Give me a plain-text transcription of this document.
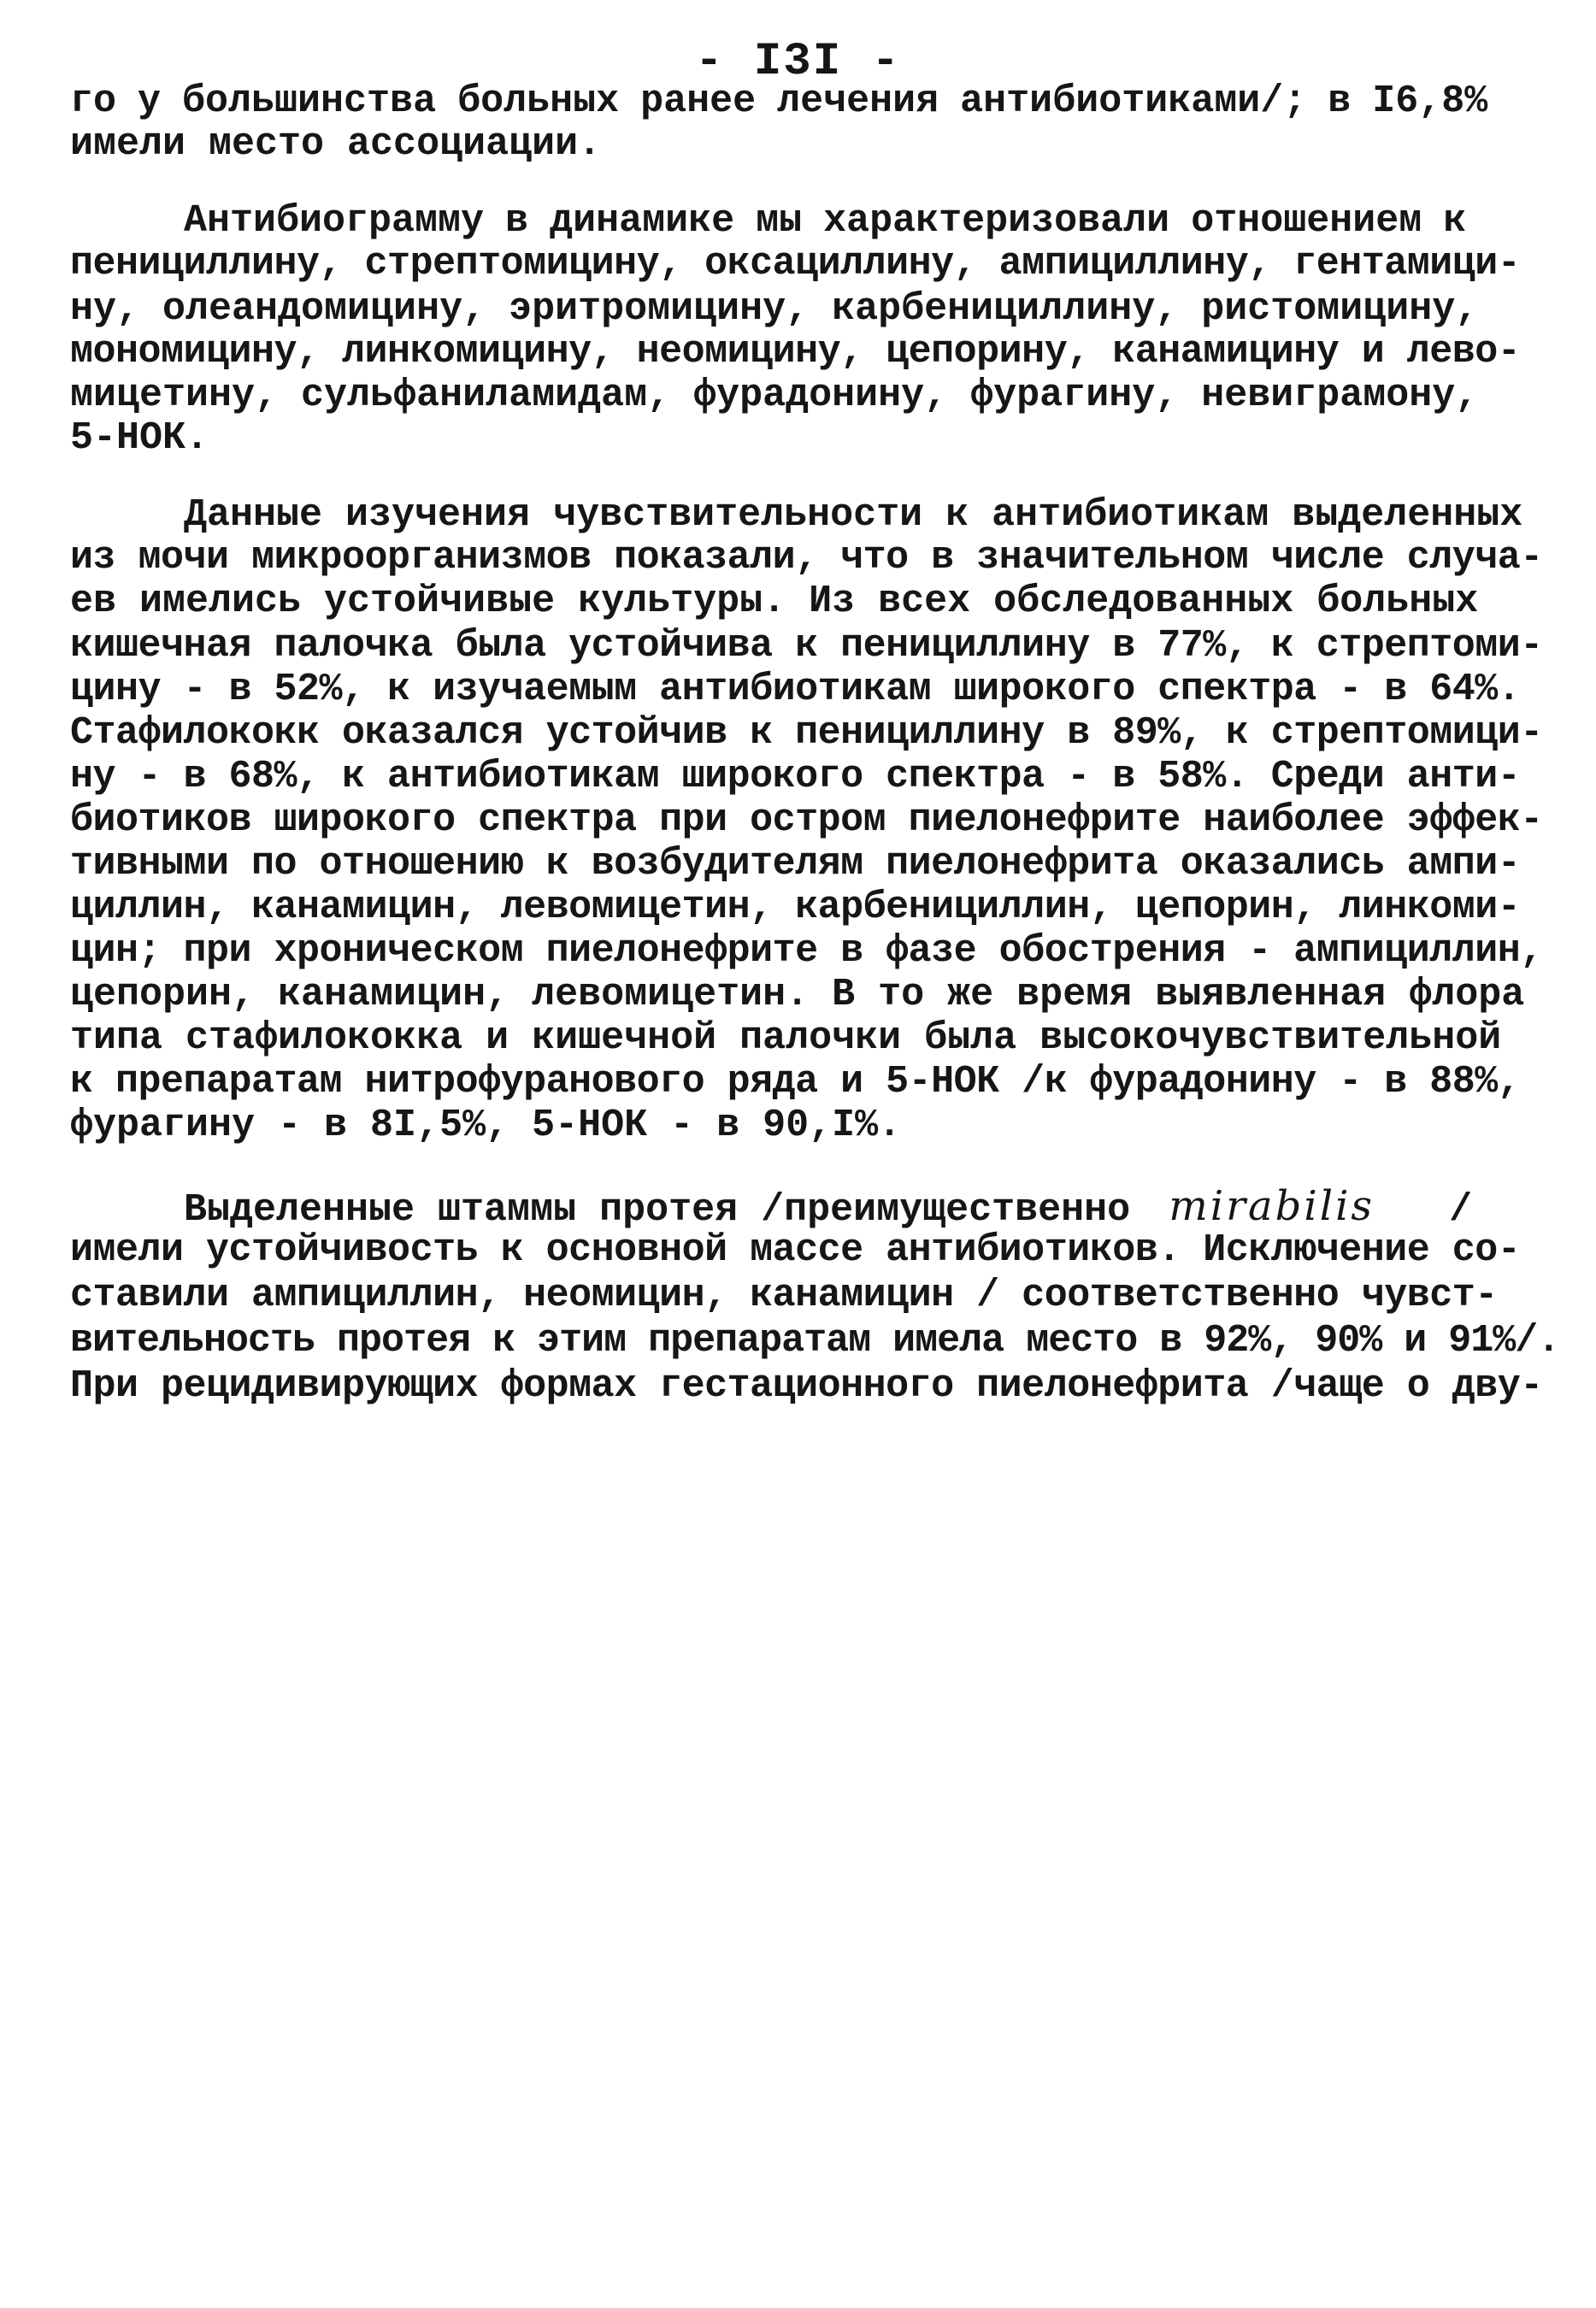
- I3I -
го у большинства больных ранее лечения антибиотиками/; в I6,8%
имели место ассоциации.
Антибиограмму в динамике мы характеризовали отношением к
пенициллину, стрептомицину, оксациллину, ампициллину, гентамици-
ну, олеандомицину, эритромицину, карбенициллину, ристомицину,
мономицину, линкомицину, неомицину, цепорину, канамицину и лево-
мицетину, сульфаниламидам, фурадонину, фурагину, невиграмону,
5-НОК.
Данные изучения чувствительности к антибиотикам выделенных
из мочи микроорганизмов показали, что в значительном числе случа-
ев имелись устойчивые культуры. Из всех обследованных больных
кишечная палочка была устойчива к пенициллину в 77%, к стрептоми-
цину - в 52%, к изучаемым антибиотикам широкого спектра - в 64%.
Стафилококк оказался устойчив к пенициллину в 89%, к стрептомици-
ну - в 68%, к антибиотикам широкого спектра - в 58%. Среди анти-
биотиков широкого спектра при остром пиелонефрите наиболее эффек-
тивными по отношению к возбудителям пиелонефрита оказались ампи-
циллин, канамицин, левомицетин, карбенициллин, цепорин, линкоми-
цин; при хроническом пиелонефрите в фазе обострения - ампициллин,
цепорин, канамицин, левомицетин. В то же время выявленная флора
типа стафилококка и кишечной палочки была высокочувствительной
к препаратам нитрофуранового ряда и 5-НОК /к фурадонину - в 88%,
фурагину - в 8I,5%, 5-НОК - в 90,I%.
Выделенные штаммы протея /преимущественно mirabilis /
имели устойчивость к основной массе антибиотиков. Исключение со-
ставили ампициллин, неомицин, канамицин / соответственно чувст-
вительность протея к этим препаратам имела место в 92%, 90% и 91%/.
При рецидивирующих формах гестационного пиелонефрита /чаще о дву-
